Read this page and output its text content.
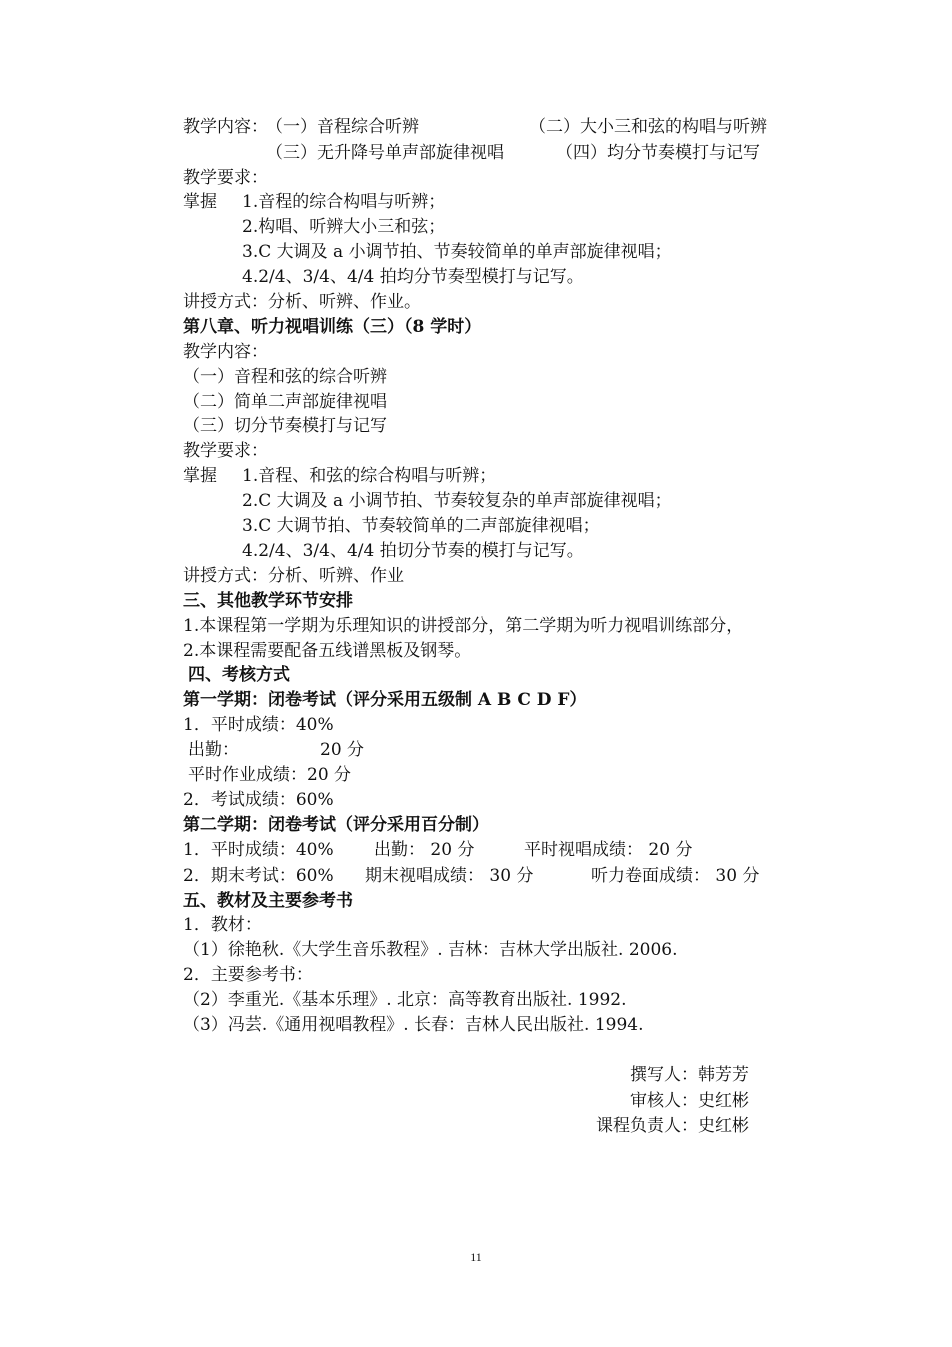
教学内容：
（一）音程综合听辨	（二）大小三和弦的构唱与听辨
（三）无升降号单声部旋律视唱	（四）均分节奏模打与记写
教学要求：
掌握 1.音程的综合构唱与听辨；
2.构唱、听辨大小三和弦；
3.C 大调及 a 小调节拍、节奏较简单的单声部旋律视唱；
4.2/4、3/4、4/4 拍均分节奏型模打与记写。
讲授方式：分析、听辨、作业。
第八章、听力视唱训练（三）（8 学时）
教学内容：
（一）音程和弦的综合听辨
（二）简单二声部旋律视唱
（三）切分节奏模打与记写
教学要求：
掌握 1.音程、和弦的综合构唱与听辨；
2.C 大调及 a 小调节拍、节奏较复杂的单声部旋律视唱；
3.C 大调节拍、节奏较简单的二声部旋律视唱；
4.2/4、3/4、4/4 拍切分节奏的模打与记写。
讲授方式：分析、听辨、作业
三、其他教学环节安排
1.本课程第一学期为乐理知识的讲授部分，第二学期为听力视唱训练部分，
2.本课程需要配备五线谱黑板及钢琴。
四、考核方式
第一学期：闭卷考试（评分采用五级制 A B C D F）
1．平时成绩：40%
出勤：	20 分
平时作业成绩：20 分
2．考试成绩：60%
第二学期：闭卷考试（评分采用百分制）
1．平时成绩：40% 出勤： 20 分	平时视唱成绩： 20 分
2．期末考试：60% 期末视唱成绩： 30 分	听力卷面成绩： 30 分
五、教材及主要参考书
1．教材：
（1）徐艳秋.《大学生音乐教程》. 吉林：吉林大学出版社. 2006.
2．主要参考书：
（2）李重光.《基本乐理》. 北京：高等教育出版社. 1992.
（3）冯芸.《通用视唱教程》. 长春：吉林人民出版社. 1994.
撰写人：韩芳芳
审核人：史红彬
课程负责人：史红彬
11
